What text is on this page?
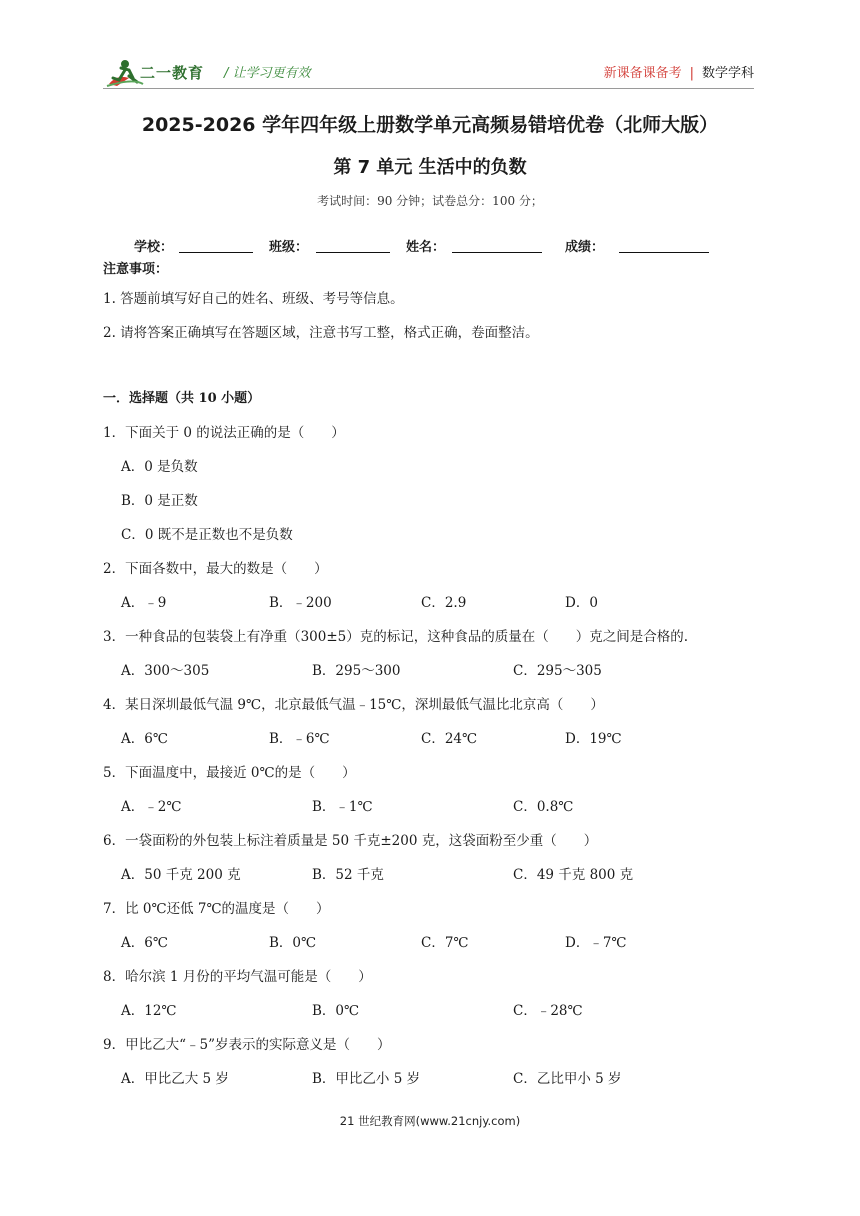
二一教育 / 让学习更有效	新课备课备考 | 数学学科
2025-2026 学年四年级上册数学单元高频易错培优卷（北师大版）
第 7 单元 生活中的负数
考试时间：90 分钟；试卷总分：100 分；
学校：	班级：	姓名：	成绩：
注意事项：
1. 答题前填写好自己的姓名、班级、考号等信息。
2. 请将答案正确填写在答题区域，注意书写工整，格式正确，卷面整洁。
一．选择题（共 10 小题）
1．下面关于 0 的说法正确的是（　　）
A．0 是负数
B．0 是正数
C．0 既不是正数也不是负数
2．下面各数中，最大的数是（　　）
A．﹣9	B．﹣200	C．2.9	D．0
3．一种食品的包装袋上有净重（300±5）克的标记，这种食品的质量在（　　）克之间是合格的.
A．300～305	B．295～300	C．295～305
4．某日深圳最低气温 9℃，北京最低气温﹣15℃，深圳最低气温比北京高（　　）
A．6℃	B．﹣6℃	C．24℃	D．19℃
5．下面温度中，最接近 0℃的是（　　）
A．﹣2℃	B．﹣1℃	C．0.8℃
6．一袋面粉的外包装上标注着质量是 50 千克±200 克，这袋面粉至少重（　　）
A．50 千克 200 克	B．52 千克	C．49 千克 800 克
7．比 0℃还低 7℃的温度是（　　）
A．6℃	B．0℃	C．7℃	D．﹣7℃
8．哈尔滨 1 月份的平均气温可能是（　　）
A．12℃	B．0℃	C．﹣28℃
9．甲比乙大“﹣5”岁表示的实际意义是（　　）
A．甲比乙大 5 岁	B．甲比乙小 5 岁	C．乙比甲小 5 岁
21 世纪教育网(www.21cnjy.com)
